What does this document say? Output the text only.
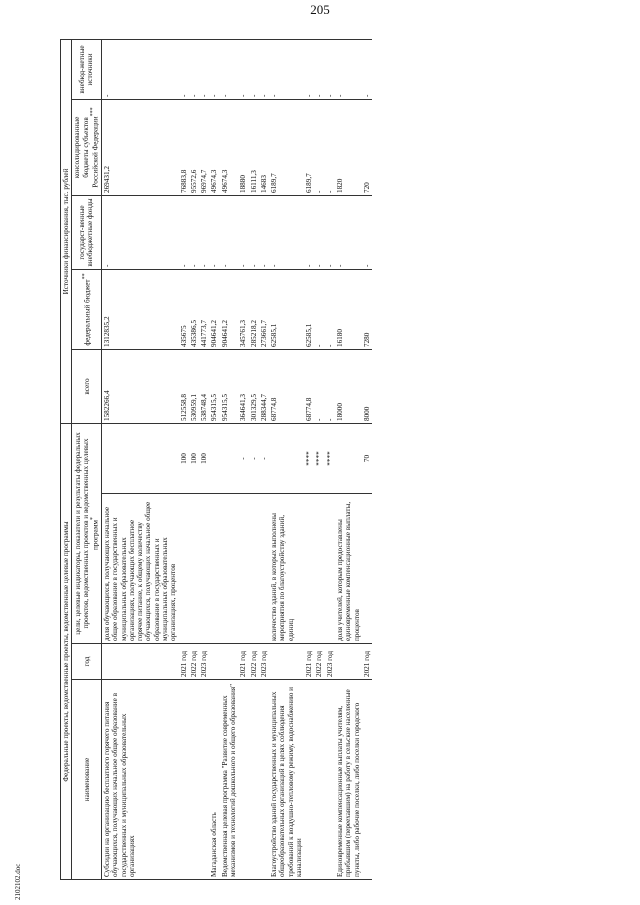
205
Федеральные проекты, ведомственные проекты, ведомственные целевые программы				Источники финансирования, тыс. рублей				
наименование	год	цели, целевые индикаторы, показатели и результаты федеральных проектов, ведомственных проектов и ведомственных целевых программ*		всего	федеральный бюджет**	государст-венные внебюджетные фонды	консолидированные бюджеты субъектов Российской Федерации***	внебюд-жетные источники

Субсидии на организацию бесплатного горячего питания обучающихся, получающих начальное общее образование в государственных и муниципальных образовательных организациях		доля обучающихся, получающих начальное общее образование в государственных и муниципальных образовательных организациях, получающих бесплатное горячее питание, к общему количеству обучающихся, получающих начальное общее образование в государственных и муниципальных образовательных организациях, процентов		1582266,4	1312835,2	-	269431,2	-
	2021 год		100	512558,8	435675	-	76883,8	-
	2022 год		100	530959,1	435386,5	-	95572,6	-
	2023 год		100	538748,4	441773,7	-	96974,7	-
Магаданская область				954315,5	904641,2	-	49674,3	-
Ведомственная целевая программа "Развитие современных механизмов и технологий дошкольного и общего образования"				954315,5	904641,2	-	49674,3	-
	2021 год		-	364641,3	345761,3	-	18880	-
	2022 год		-	301329,5	285218,2	-	16111,3	-
	2023 год		-	288344,7	273661,7	-	14683	-
Благоустройство зданий государственных и муниципальных общеобразовательных организаций в целях соблюдения требований к воздушно-тепловому режиму, водоснабжению и канализации		количество зданий, в которых выполнены мероприятия по благоустройству зданий, единиц		68774,8	62585,1	-	6189,7	-
	2021 год		****	68774,8	62585,1	-	6189,7	-
	2022 год		****	-	-	-	-	-
	2023 год		****	-	-	-	-	-
Единовременные компенсационные выплаты учителям, прибывшим (переехавшим) на работу в сельские населенные пункты, либо рабочие поселки, либо поселки городского		доля учителей, которым предоставлены единовременные компенсационные выплаты, процентов		18000	16180	-	1820	-
	2021 год		70	8000	7280	-	720	-
2102102.doc
